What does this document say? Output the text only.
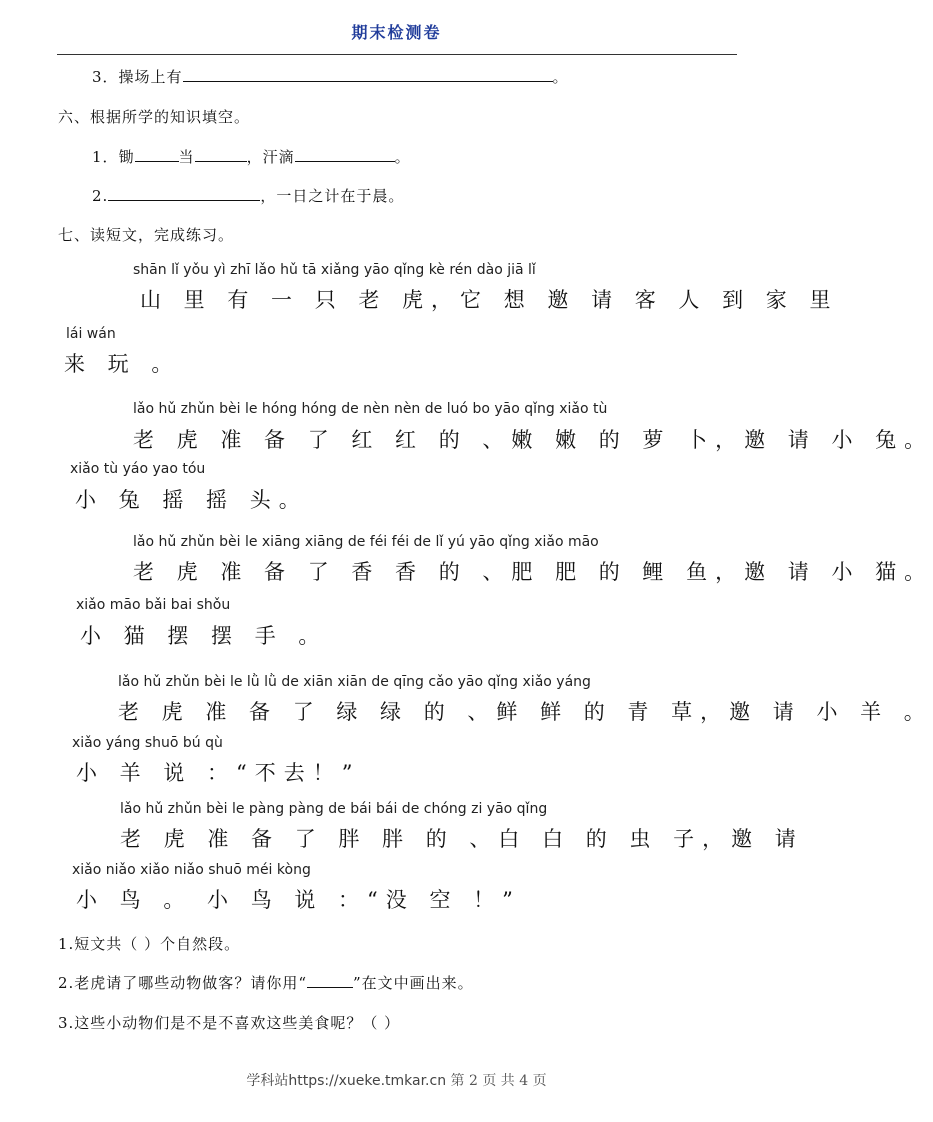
期末检测卷
3．操场上有	。
六、根据所学的知识填空。
1．锄	当	，汗滴	。
2.	，一日之计在于晨。
七、读短文，完成练习。
shān lǐ yǒu yì zhī lǎo hǔ tā xiǎng yāo qǐng kè rén dào jiā lǐ
山 里 有 一 只 老 虎，它 想 邀 请 客 人 到 家 里
lái wán
来 玩 。
lǎo hǔ zhǔn bèi le hóng hóng de nèn nèn de luó bo yāo qǐng xiǎo tù
老 虎 准 备 了 红 红 的 、嫩 嫩 的 萝 卜，邀 请 小 兔。
xiǎo tù yáo yao tóu
小 兔 摇 摇 头。
lǎo hǔ zhǔn bèi le xiāng xiāng de féi féi de lǐ yú yāo qǐng xiǎo māo
老 虎 准 备 了 香 香 的 、肥 肥 的 鲤 鱼，邀 请 小 猫。
xiǎo māo bǎi bai shǒu
小 猫 摆 摆 手 。
lǎo hǔ zhǔn bèi le lǜ lǜ de xiān xiān de qīng cǎo yāo qǐng xiǎo yáng
老 虎 准 备 了 绿 绿 的 、鲜 鲜 的 青 草，邀 请 小 羊 。
xiǎo yáng shuō bú qù
小 羊 说 ：“不去！”
lǎo hǔ zhǔn bèi le pàng pàng de bái bái de chóng zi yāo qǐng
老 虎 准 备 了 胖 胖 的 、白 白 的 虫 子，邀 请
xiǎo niǎo xiǎo niǎo shuō méi kòng
小 鸟 。 小 鸟 说 ：“没 空 ！”
1.短文共（ ）个自然段。
2.老虎请了哪些动物做客？请你用“	”在文中画出来。
3.这些小动物们是不是不喜欢这些美食呢？（ ）
学科站https://xueke.tmkar.cn 第 2 页 共 4 页
